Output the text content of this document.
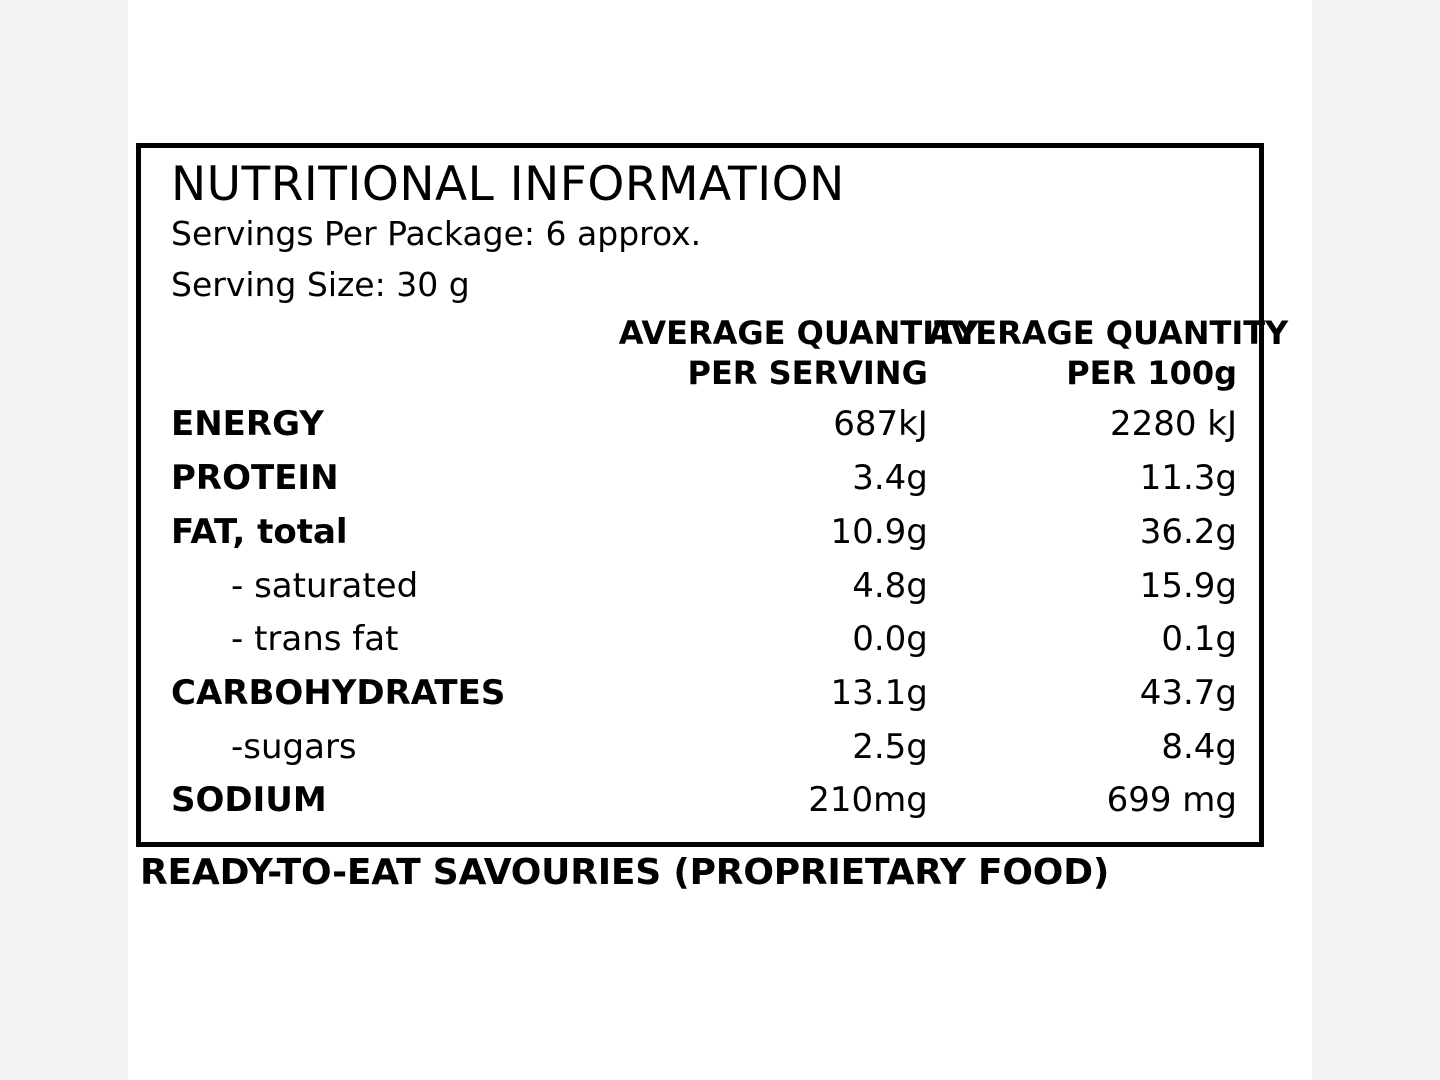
NUTRITIONAL INFORMATION
Servings Per Package: 6 approx.
Serving Size: 30 g
	AVERAGE QUANTITY	AVERAGE QUANTITY
	PER SERVING	PER 100g
ENERGY	687kJ	2280 kJ
PROTEIN	3.4g	11.3g
FAT, total	10.9g	36.2g
- saturated	4.8g	15.9g
- trans fat	0.0g	0.1g
CARBOHYDRATES	13.1g	43.7g
-sugars	2.5g	8.4g
SODIUM	210mg	699 mg
READY-TO-EAT SAVOURIES (PROPRIETARY FOOD)
